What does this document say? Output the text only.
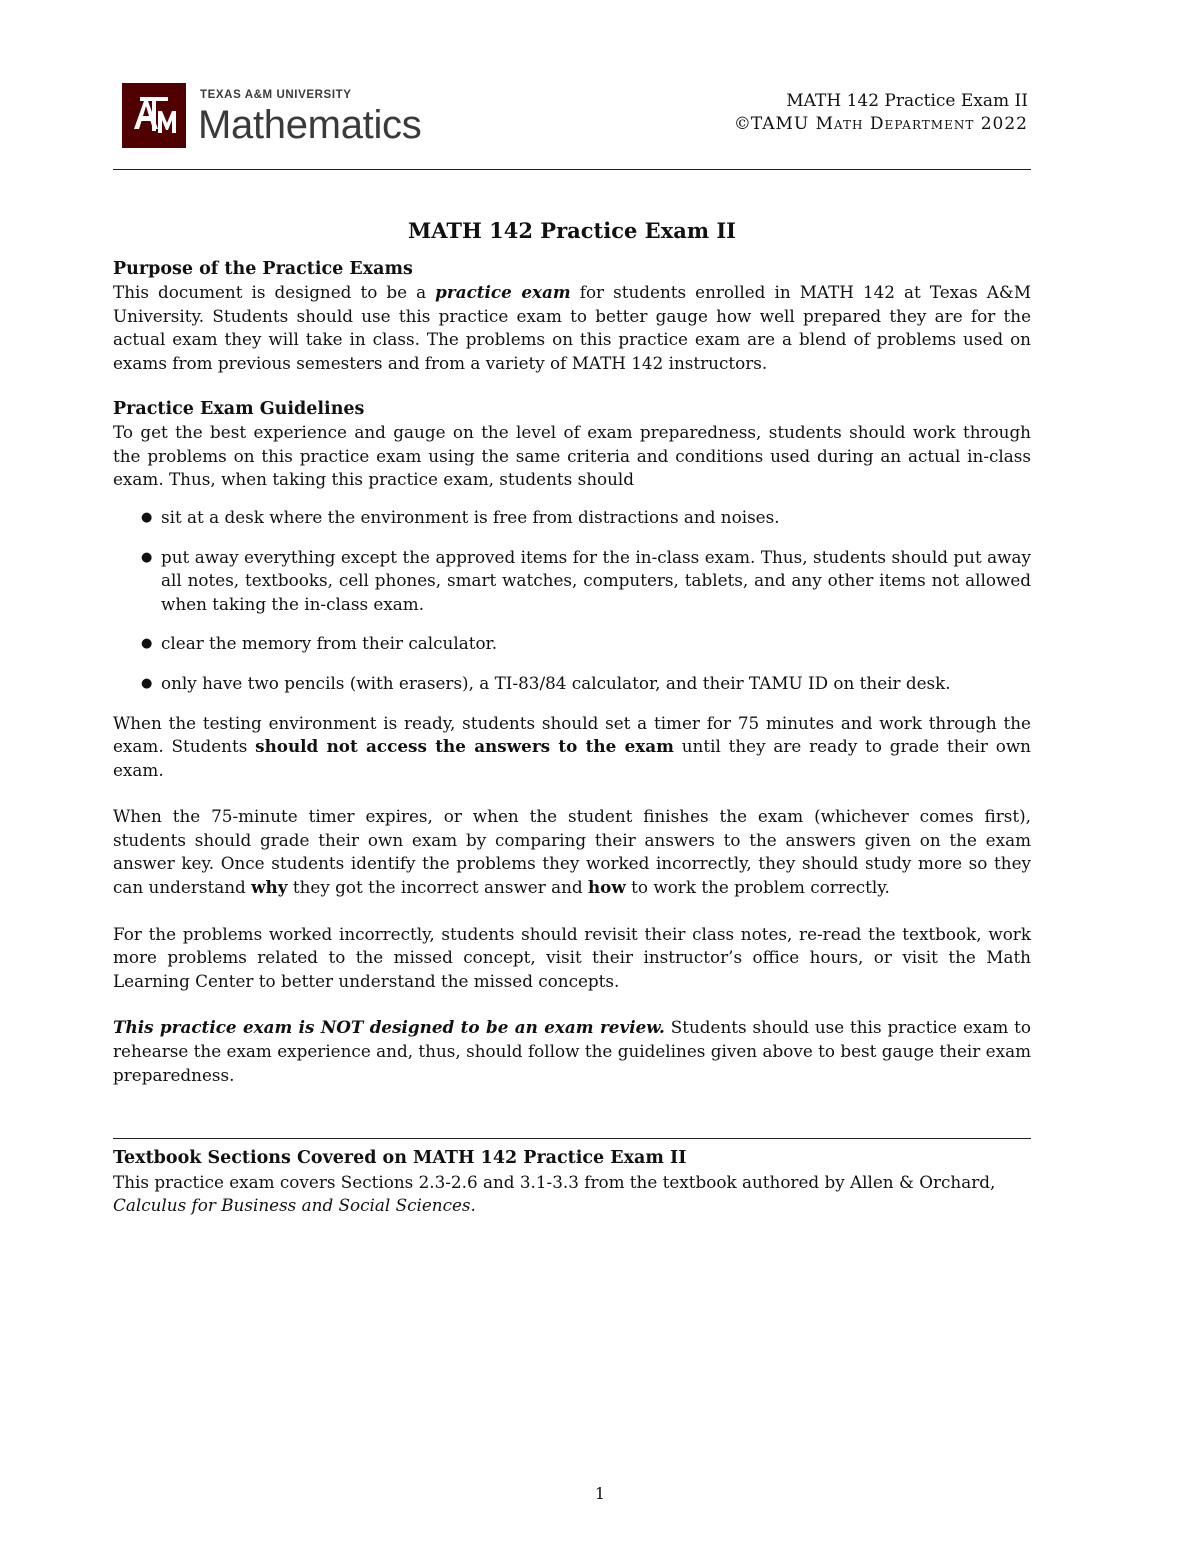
TEXAS A&M UNIVERSITY
Mathematics
MATH 142 Practice Exam II
©TAMU Math Department 2022
MATH 142 Practice Exam II
Purpose of the Practice Exams

This document is designed to be a practice exam for students enrolled in MATH 142 at Texas A&M University. Students should use this practice exam to better gauge how well prepared they are for the actual exam they will take in class. The problems on this practice exam are a blend of problems used on exams from previous semesters and from a variety of MATH 142 instructors.

Practice Exam Guidelines

To get the best experience and gauge on the level of exam preparedness, students should work through the problems on this practice exam using the same criteria and conditions used during an actual in-class exam. Thus, when taking this practice exam, students should

● sit at a desk where the environment is free from distractions and noises.
● put away everything except the approved items for the in-class exam. Thus, students should put away all notes, textbooks, cell phones, smart watches, computers, tablets, and any other items not allowed when taking the in-class exam.
● clear the memory from their calculator.
● only have two pencils (with erasers), a TI-83/84 calculator, and their TAMU ID on their desk.

When the testing environment is ready, students should set a timer for 75 minutes and work through the exam. Students should not access the answers to the exam until they are ready to grade their own exam.

When the 75-minute timer expires, or when the student finishes the exam (whichever comes first), students should grade their own exam by comparing their answers to the answers given on the exam answer key. Once students identify the problems they worked incorrectly, they should study more so they can understand why they got the incorrect answer and how to work the problem correctly.

For the problems worked incorrectly, students should revisit their class notes, re-read the textbook, work more problems related to the missed concept, visit their instructor’s office hours, or visit the Math Learning Center to better understand the missed concepts.

This practice exam is NOT designed to be an exam review. Students should use this practice exam to rehearse the exam experience and, thus, should follow the guidelines given above to best gauge their exam preparedness.

Textbook Sections Covered on MATH 142 Practice Exam II

This practice exam covers Sections 2.3-2.6 and 3.1-3.3 from the textbook authored by Allen & Orchard,
Calculus for Business and Social Sciences.

1
